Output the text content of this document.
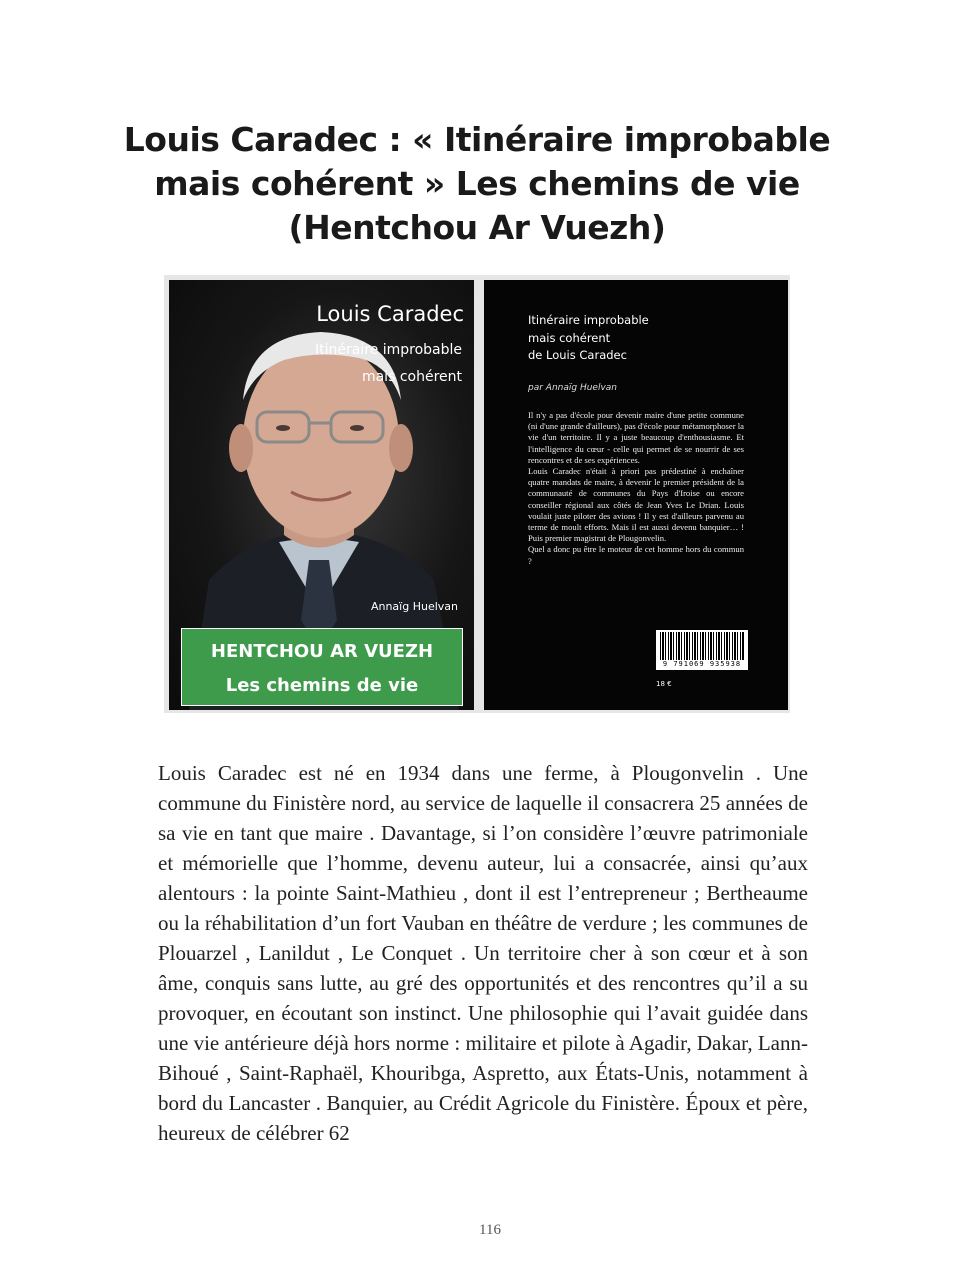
Louis Caradec : « Itinéraire improbable
mais cohérent » Les chemins de vie
(Hentchou Ar Vuezh)
Louis Caradec
Itinéraire improbable
mais cohérent
Annaïg Huelvan
HENTCHOU AR VUEZH
Les chemins de vie
Itinéraire improbable
mais cohérent
de Louis Caradec
par Annaïg Huelvan
Il n'y a pas d'école pour devenir maire d'une petite commune (ni d'une grande d'ailleurs), pas d'école pour métamorphoser la vie d'un territoire. Il y a juste beaucoup d'enthousiasme. Et l'intelligence du cœur - celle qui permet de se nourrir de ses rencontres et de ses expériences.
Louis Caradec n'était à priori pas prédestiné à enchaîner quatre mandats de maire, à devenir le premier président de la communauté de communes du Pays d'Iroise ou encore conseiller régional aux côtés de Jean Yves Le Drian. Louis voulait juste piloter des avions ! Il y est d'ailleurs parvenu au terme de moult efforts. Mais il est aussi devenu banquier… ! Puis premier magistrat de Plougonvelin.
Quel a donc pu être le moteur de cet homme hors du commun ?
9 791069 935938
18 €
Louis Caradec est né en 1934 dans une ferme, à Plougonvelin . Une commune du Finistère nord, au service de laquelle il consacrera 25 années de sa vie en tant que maire . Davantage, si l’on considère l’œuvre patrimoniale et mémorielle que l’homme, devenu auteur, lui a consacrée, ainsi qu’aux alentours : la pointe Saint-Mathieu , dont il est l’entrepreneur ; Bertheaume ou la réhabilitation d’un fort Vauban en théâtre de verdure ; les communes de Plouarzel , Lanildut , Le Conquet . Un territoire cher à son cœur et à son âme, conquis sans lutte, au gré des opportunités et des rencontres qu’il a su provoquer, en écoutant son instinct. Une philosophie qui l’avait guidée dans une vie antérieure déjà hors norme : militaire et pilote à Agadir, Dakar, Lann-Bihoué , Saint-Raphaël, Khouribga, Aspretto, aux États-Unis, notamment à bord du Lancaster . Banquier, au Crédit Agricole du Finistère. Époux et père, heureux de célébrer 62
116
